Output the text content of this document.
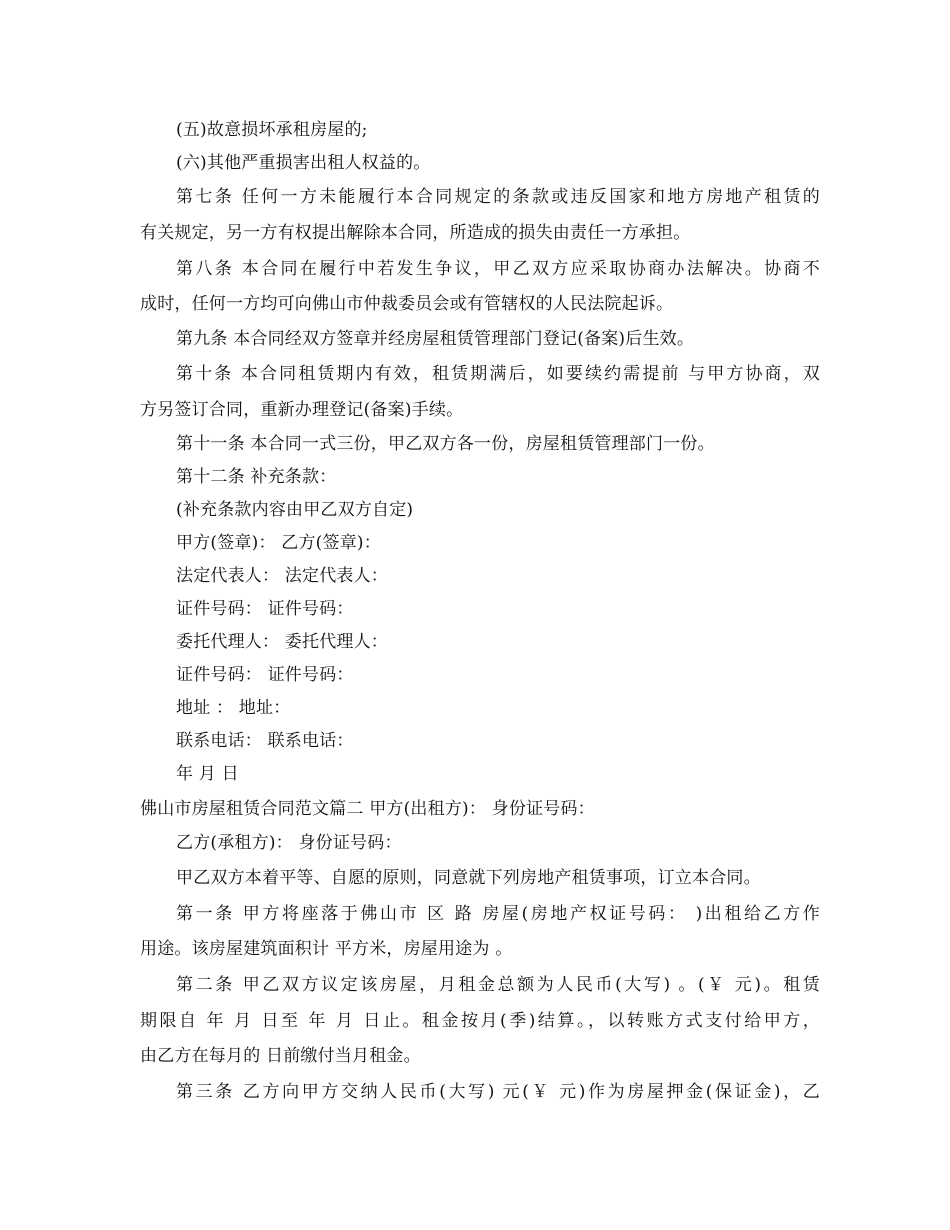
(五)故意损坏承租房屋的;
(六)其他严重损害出租人权益的。
第七条 任何一方未能履行本合同规定的条款或违反国家和地方房地产租赁的
有关规定，另一方有权提出解除本合同，所造成的损失由责任一方承担。
第八条 本合同在履行中若发生争议，甲乙双方应采取协商办法解决。协商不
成时，任何一方均可向佛山市仲裁委员会或有管辖权的人民法院起诉。
第九条 本合同经双方签章并经房屋租赁管理部门登记(备案)后生效。
第十条 本合同租赁期内有效，租赁期满后，如要续约需提前 与甲方协商，双
方另签订合同，重新办理登记(备案)手续。
第十一条 本合同一式三份，甲乙双方各一份，房屋租赁管理部门一份。
第十二条 补充条款：
(补充条款内容由甲乙双方自定)
甲方(签章)： 乙方(签章)：
法定代表人： 法定代表人：
证件号码： 证件号码：
委托代理人： 委托代理人：
证件号码： 证件号码：
地址 ： 地址：
联系电话： 联系电话：
年 月 日
佛山市房屋租赁合同范文篇二 甲方(出租方)： 身份证号码：
乙方(承租方)： 身份证号码：
甲乙双方本着平等、自愿的原则，同意就下列房地产租赁事项，订立本合同。
第一条 甲方将座落于佛山市 区 路 房屋(房地产权证号码： )出租给乙方作
用途。该房屋建筑面积计 平方米，房屋用途为 。
第二条 甲乙双方议定该房屋，月租金总额为人民币(大写) 。(￥ 元)。租赁
期限自 年 月 日至 年 月 日止。租金按月(季)结算。，以转账方式支付给甲方，
由乙方在每月的 日前缴付当月租金。
第三条 乙方向甲方交纳人民币(大写) 元(￥ 元)作为房屋押金(保证金)，乙
